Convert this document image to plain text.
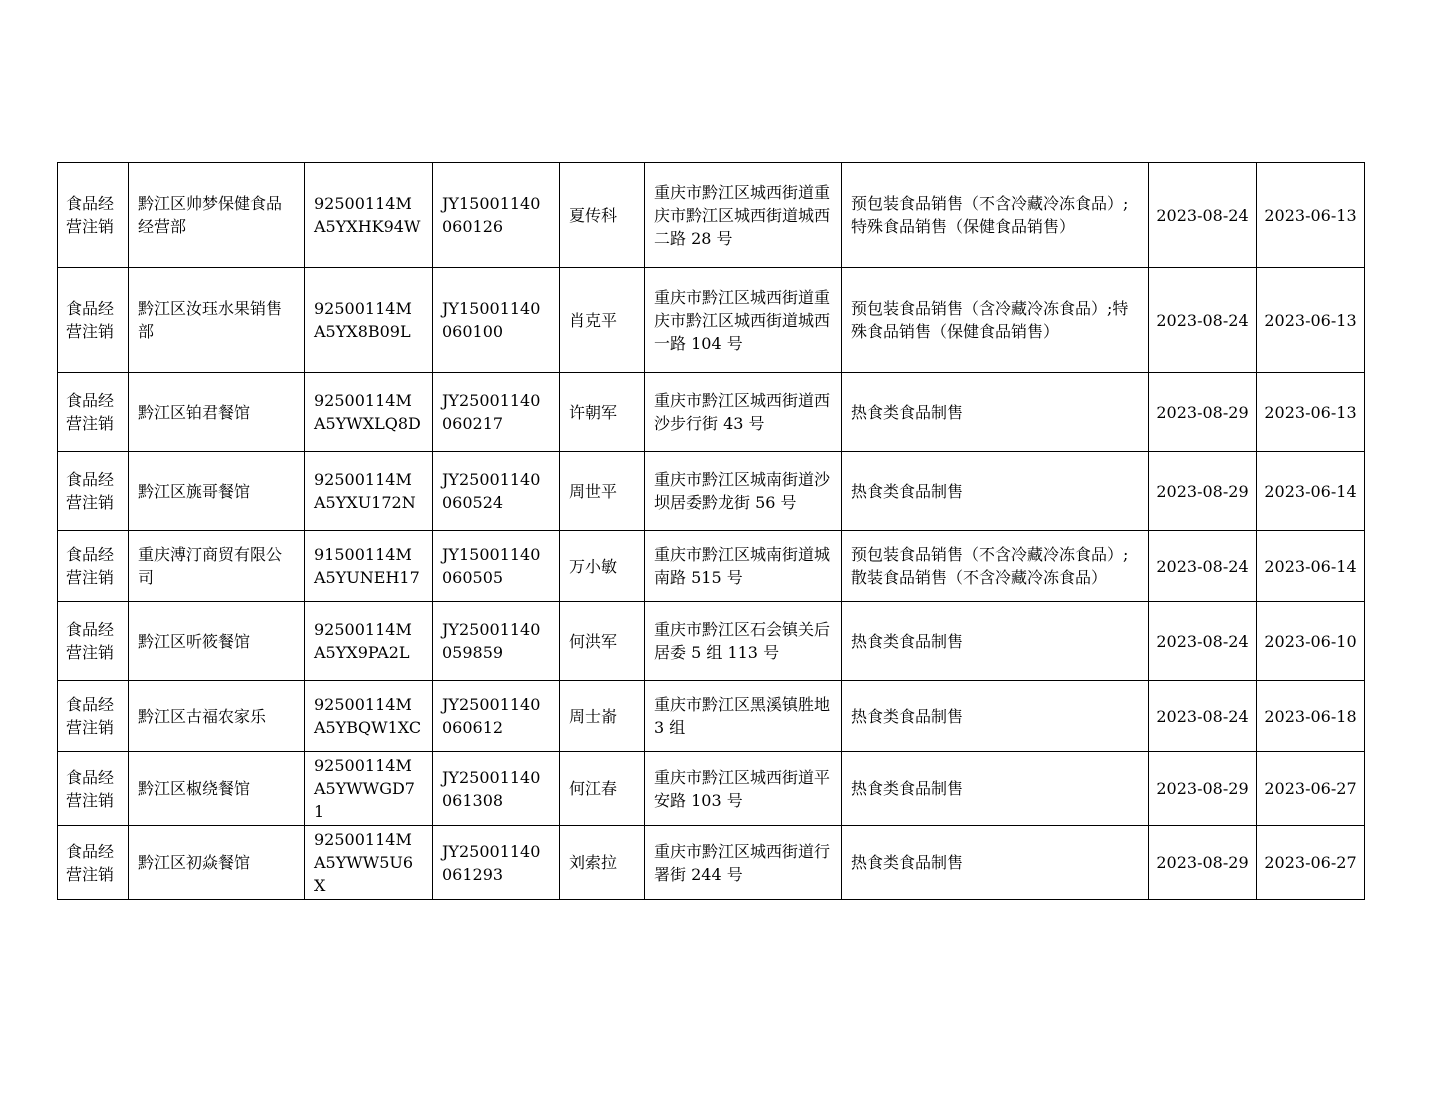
食品经营注销	黔江区帅梦保健食品经营部	92500114MA5YXHK94W	JY15001140060126	夏传科	重庆市黔江区城西街道重庆市黔江区城西街道城西二路 28 号	预包装食品销售（不含冷藏冷冻食品）;特殊食品销售（保健食品销售）	2023-08-24	2023-06-13
食品经营注销	黔江区汝珏水果销售部	92500114MA5YX8B09L	JY15001140060100	肖克平	重庆市黔江区城西街道重庆市黔江区城西街道城西一路 104 号	预包装食品销售（含冷藏冷冻食品）;特殊食品销售（保健食品销售）	2023-08-24	2023-06-13
食品经营注销	黔江区铂君餐馆	92500114MA5YWXLQ8D	JY25001140060217	许朝军	重庆市黔江区城西街道西沙步行街 43 号	热食类食品制售	2023-08-29	2023-06-13
食品经营注销	黔江区旐哥餐馆	92500114MA5YXU172N	JY25001140060524	周世平	重庆市黔江区城南街道沙坝居委黔龙街 56 号	热食类食品制售	2023-08-29	2023-06-14
食品经营注销	重庆溥汀商贸有限公司	91500114MA5YUNEH17	JY15001140060505	万小敏	重庆市黔江区城南街道城南路 515 号	预包装食品销售（不含冷藏冷冻食品）;散装食品销售（不含冷藏冷冻食品）	2023-08-24	2023-06-14
食品经营注销	黔江区听筱餐馆	92500114MA5YX9PA2L	JY25001140059859	何洪军	重庆市黔江区石会镇关后居委 5 组 113 号	热食类食品制售	2023-08-24	2023-06-10
食品经营注销	黔江区古福农家乐	92500114MA5YBQW1XC	JY25001140060612	周士嵛	重庆市黔江区黑溪镇胜地 3 组	热食类食品制售	2023-08-24	2023-06-18
食品经营注销	黔江区椒绕餐馆	92500114MA5YWWGD71	JY25001140061308	何江春	重庆市黔江区城西街道平安路 103 号	热食类食品制售	2023-08-29	2023-06-27
食品经营注销	黔江区初焱餐馆	92500114MA5YWW5U6X	JY25001140061293	刘索拉	重庆市黔江区城西街道行署街 244 号	热食类食品制售	2023-08-29	2023-06-27
